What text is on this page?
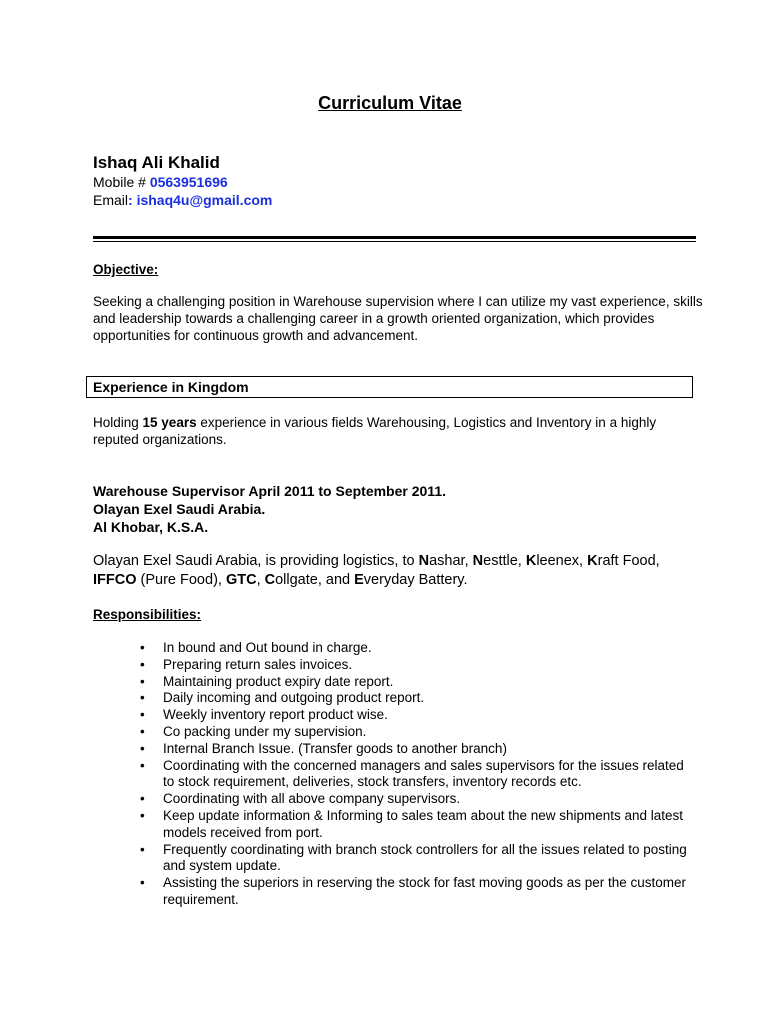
Curriculum Vitae
Ishaq Ali Khalid
Mobile # 0563951696
Email: ishaq4u@gmail.com
Objective:

Seeking a challenging position in Warehouse supervision where I can utilize my vast experience, skills and leadership towards a challenging career in a growth oriented organization, which provides opportunities for continuous growth and advancement.

Experience in Kingdom

Holding 15 years experience in various fields Warehousing, Logistics and Inventory in a highly reputed organizations.

Warehouse Supervisor April 2011 to September 2011.
Olayan Exel Saudi Arabia.
Al Khobar, K.S.A.

Olayan Exel Saudi Arabia, is providing logistics, to Nashar, Nesttle, Kleenex, Kraft Food, IFFCO (Pure Food), GTC, Collgate, and Everyday Battery.

Responsibilities:
• In bound and Out bound in charge.
• Preparing return sales invoices.
• Maintaining product expiry date report.
• Daily incoming and outgoing product report.
• Weekly inventory report product wise.
• Co packing under my supervision.
• Internal Branch Issue. (Transfer goods to another branch)
• Coordinating with the concerned managers and sales supervisors for the issues related to stock requirement, deliveries, stock transfers, inventory records etc.
• Coordinating with all above company supervisors.
• Keep update information & Informing to sales team about the new shipments and latest models received from port.
• Frequently coordinating with branch stock controllers for all the issues related to posting and system update.
• Assisting the superiors in reserving the stock for fast moving goods as per the customer requirement.
